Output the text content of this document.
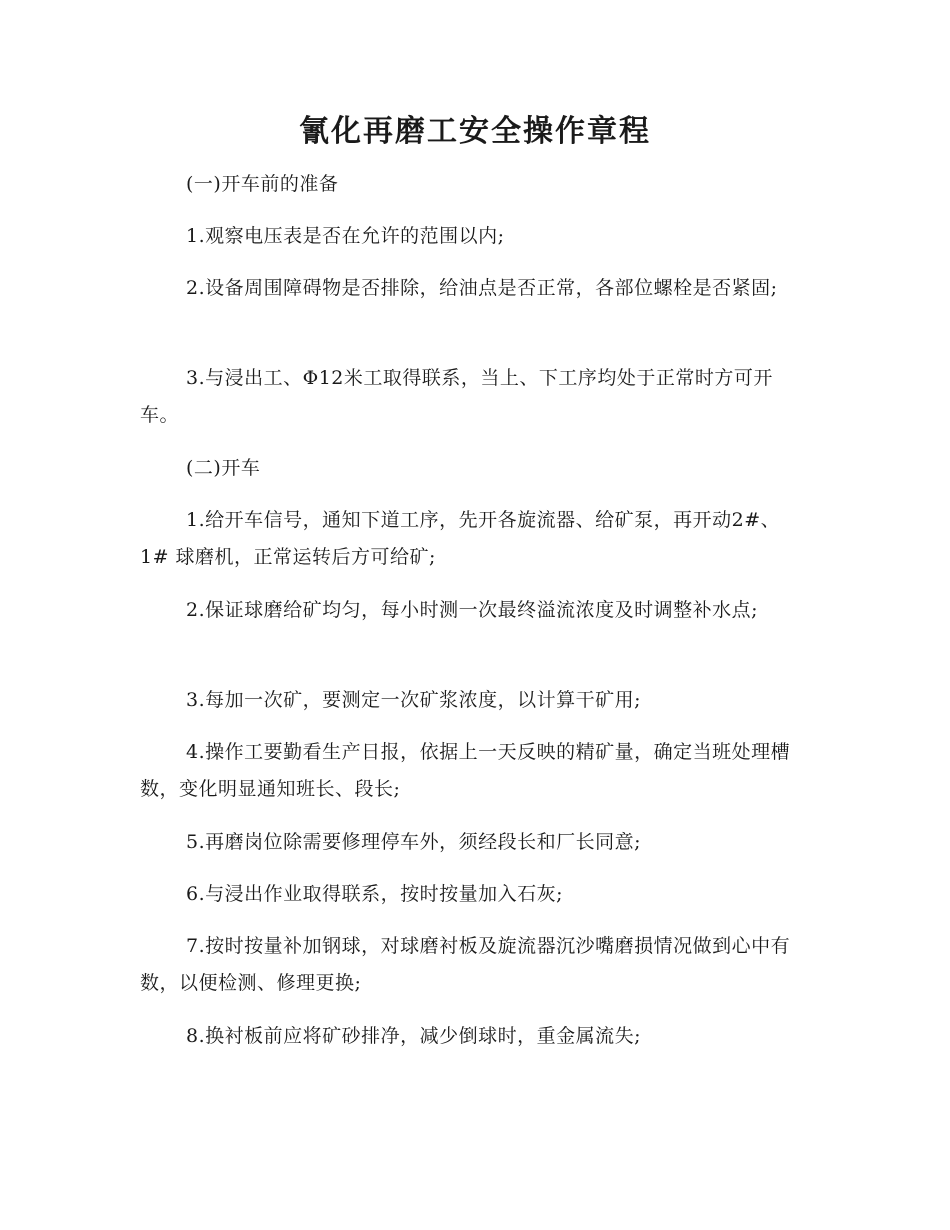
氰化再磨工安全操作章程

(一)开车前的准备

1.观察电压表是否在允许的范围以内;

2.设备周围障碍物是否排除，给油点是否正常，各部位螺栓是否紧固;

3.与浸出工、Φ12米工取得联系，当上、下工序均处于正常时方可开车。

(二)开车

1.给开车信号，通知下道工序，先开各旋流器、给矿泵，再开动2#、1# 球磨机，正常运转后方可给矿;

2.保证球磨给矿均匀，每小时测一次最终溢流浓度及时调整补水点;

3.每加一次矿，要测定一次矿浆浓度，以计算干矿用;

4.操作工要勤看生产日报，依据上一天反映的精矿量，确定当班处理槽数，变化明显通知班长、段长;

5.再磨岗位除需要修理停车外，须经段长和厂长同意;

6.与浸出作业取得联系，按时按量加入石灰;

7.按时按量补加钢球，对球磨衬板及旋流器沉沙嘴磨损情况做到心中有数，以便检测、修理更换;

8.换衬板前应将矿砂排净，减少倒球时，重金属流失;
